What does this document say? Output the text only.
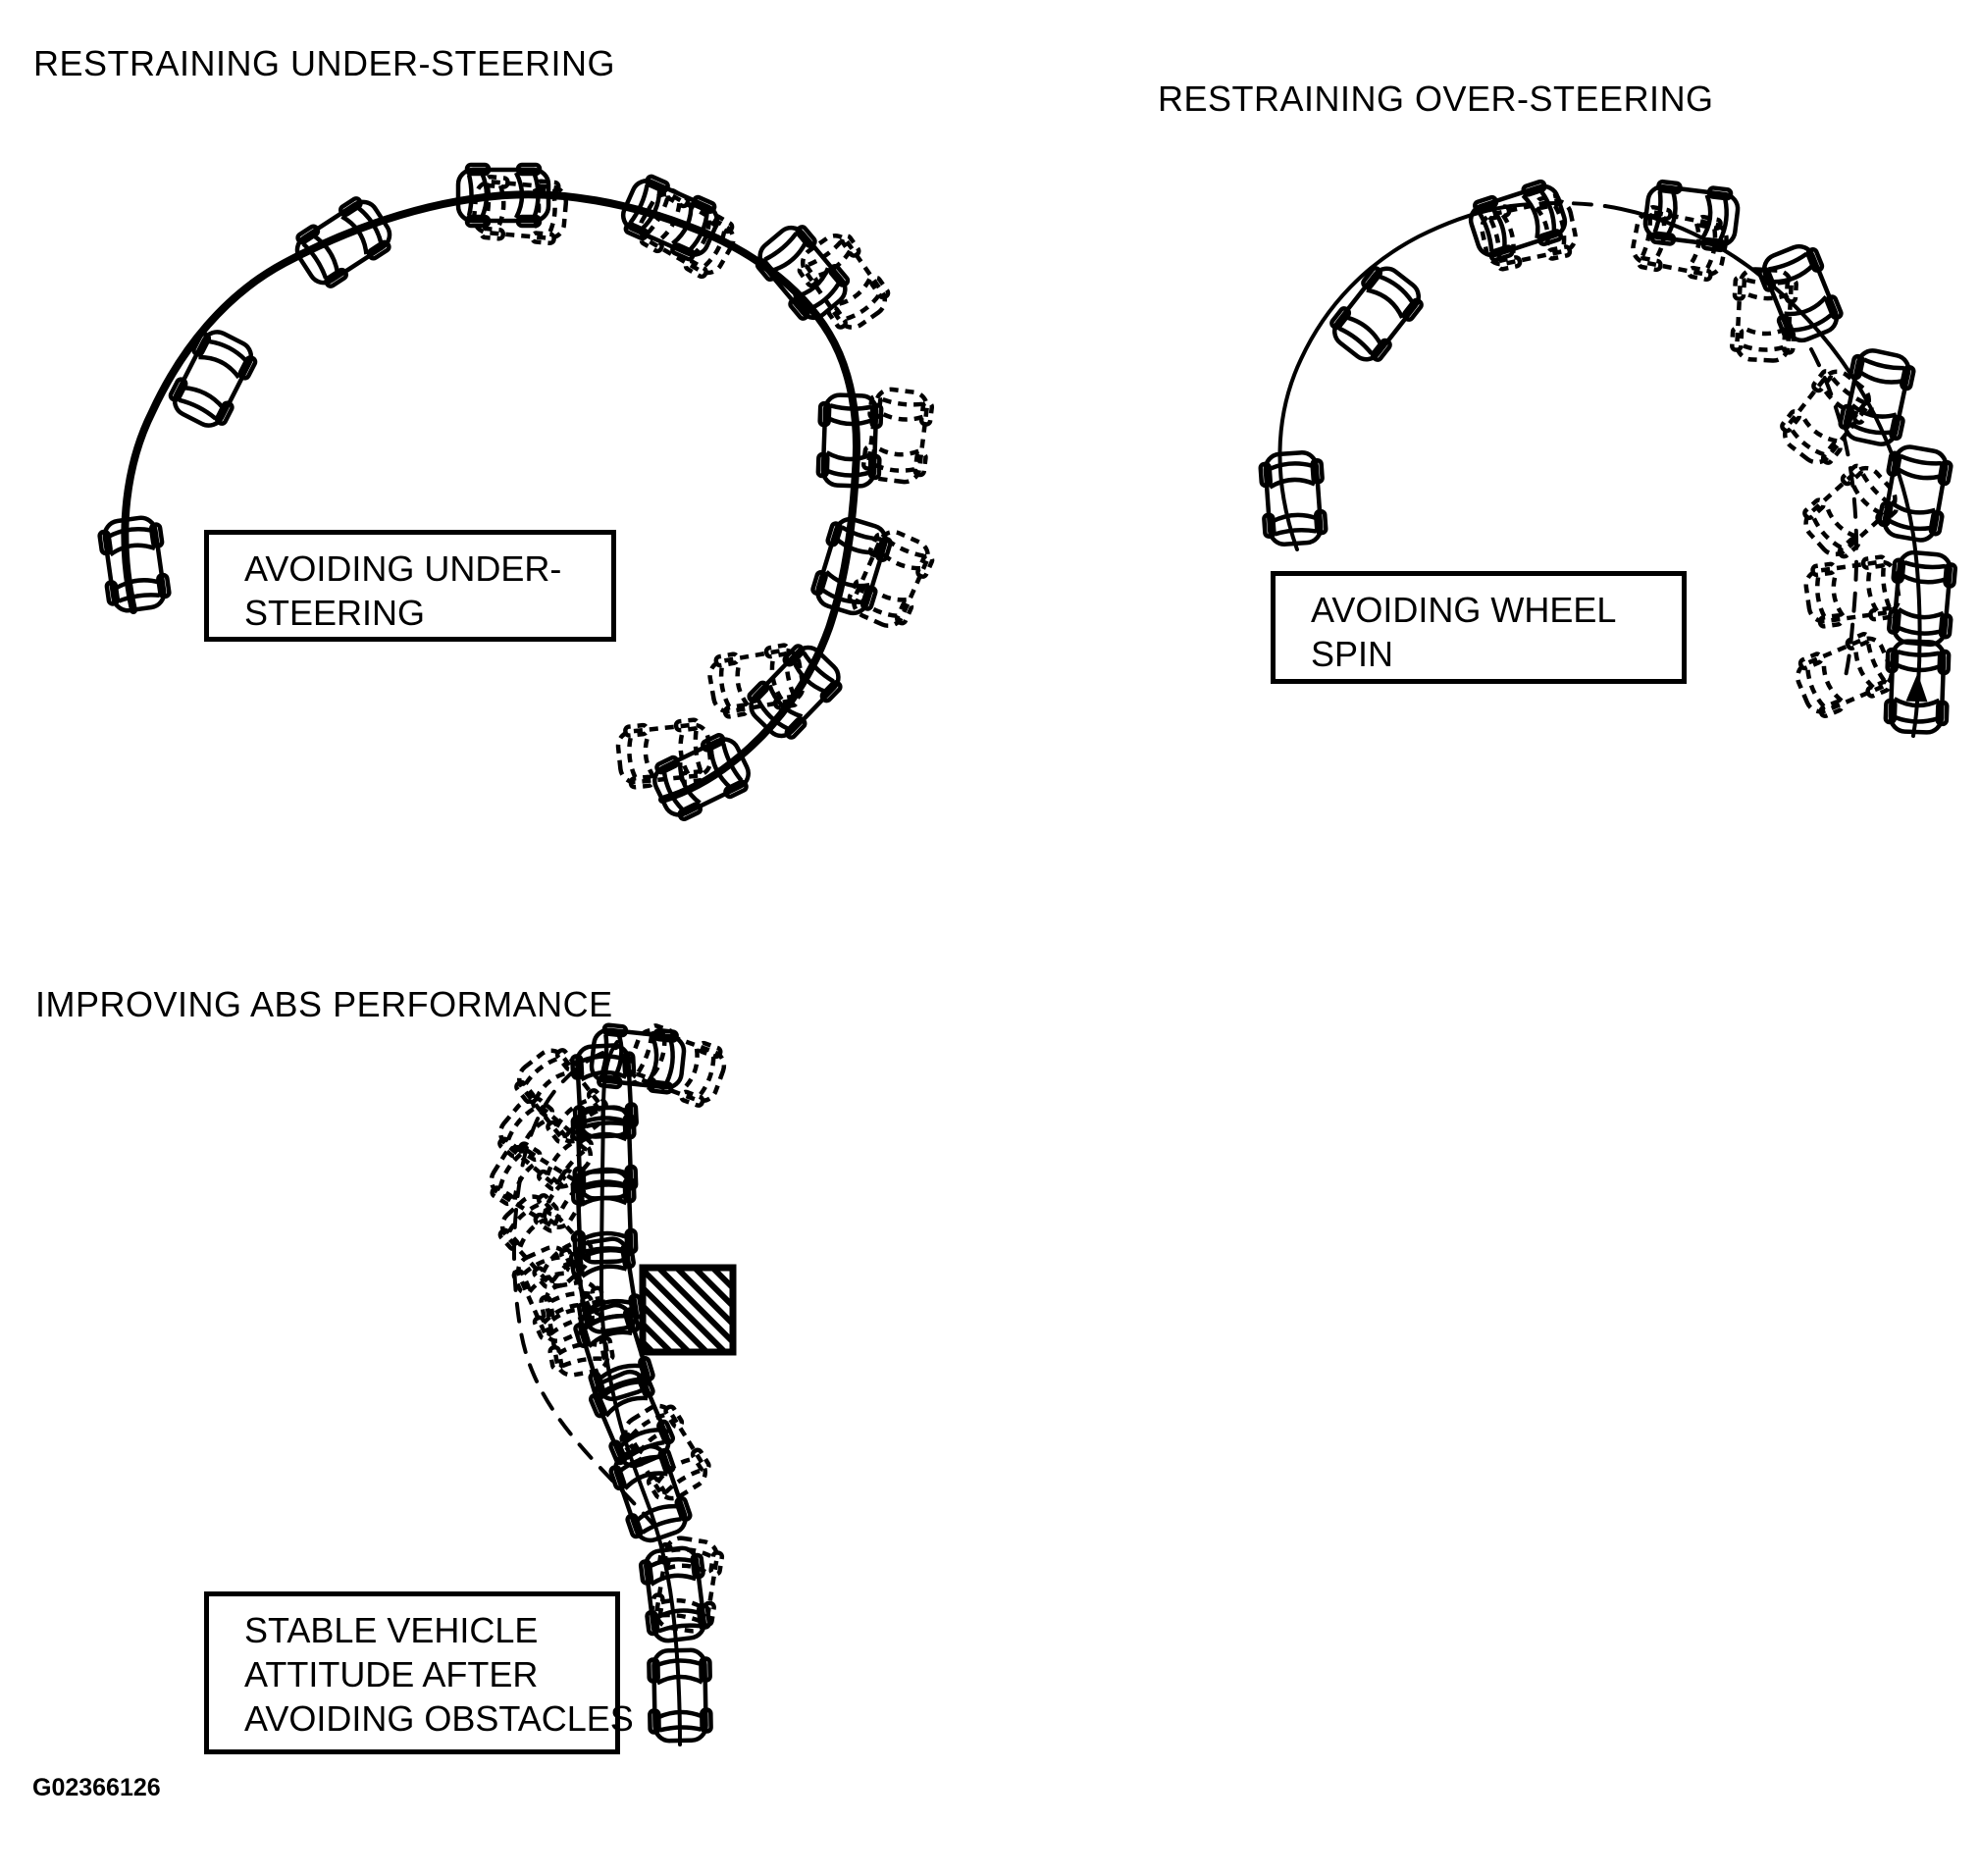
RESTRAINING UNDER-STEERING
RESTRAINING OVER-STEERING
IMPROVING ABS PERFORMANCE
AVOIDING UNDER-
STEERING	AVOIDING WHEEL
SPIN
STABLE VEHICLE
ATTITUDE AFTER
AVOIDING OBSTACLES
G02366126
